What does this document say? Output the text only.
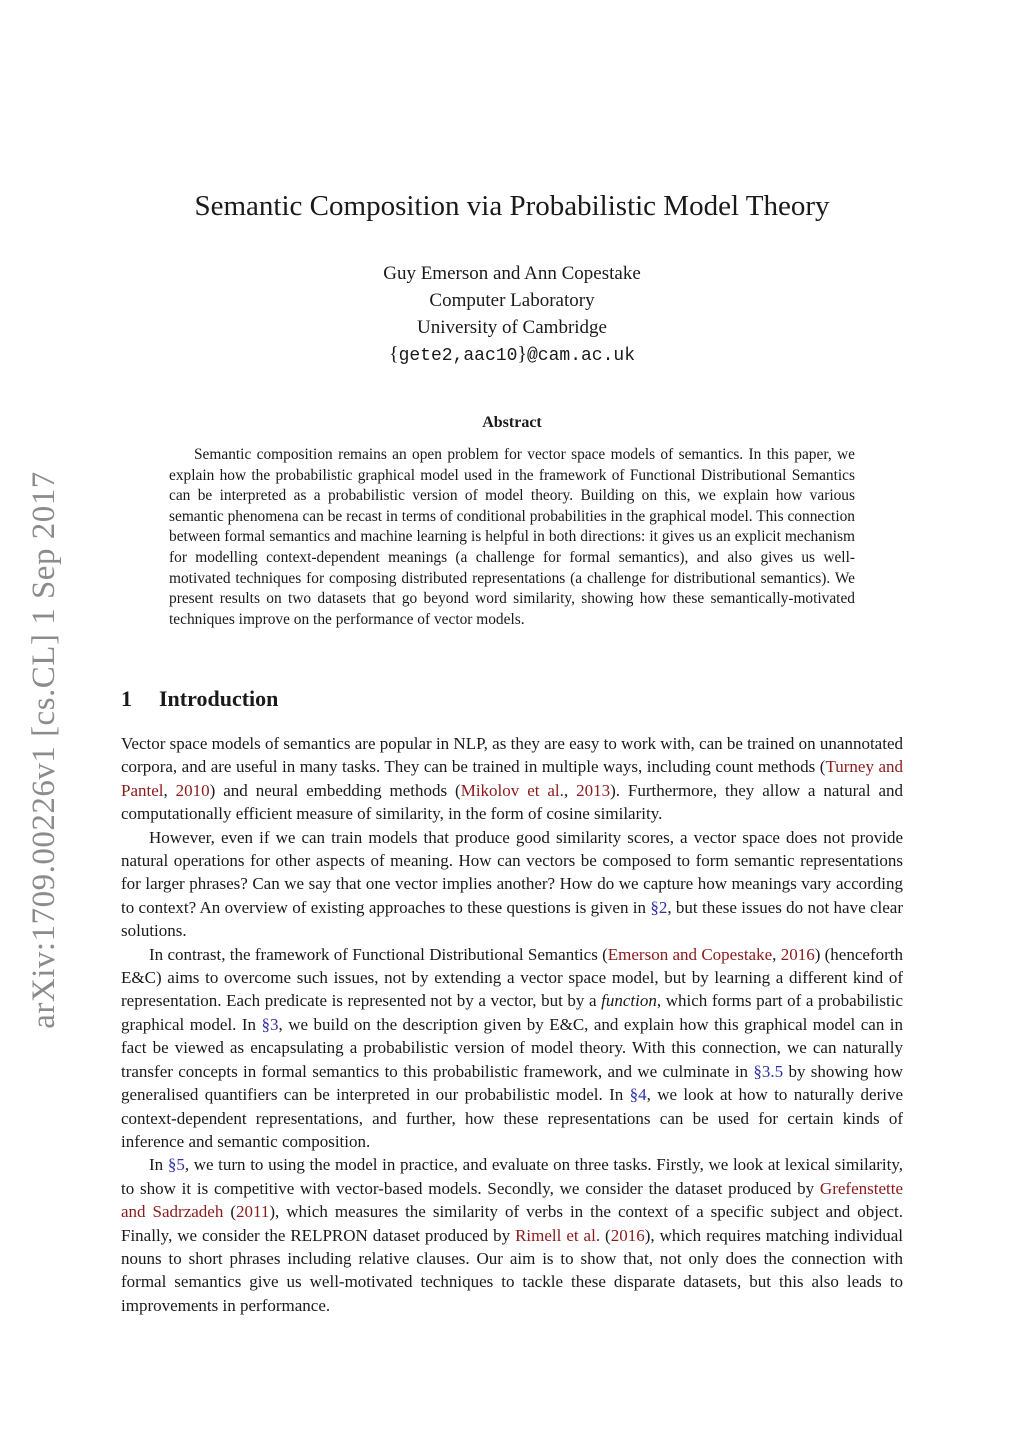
arXiv:1709.00226v1 [cs.CL] 1 Sep 2017
Semantic Composition via Probabilistic Model Theory
Guy Emerson and Ann Copestake
Computer Laboratory
University of Cambridge
{gete2,aac10}@cam.ac.uk
Abstract
Semantic composition remains an open problem for vector space models of semantics. In this paper, we explain how the probabilistic graphical model used in the framework of Functional Distributional Semantics can be interpreted as a probabilistic version of model theory. Building on this, we explain how various semantic phenomena can be recast in terms of conditional probabilities in the graphical model. This connection between formal semantics and machine learning is helpful in both directions: it gives us an explicit mechanism for modelling context-dependent meanings (a challenge for formal semantics), and also gives us well-motivated techniques for composing distributed representations (a challenge for distributional semantics). We present results on two datasets that go beyond word similarity, showing how these semantically-motivated techniques improve on the performance of vector models.
1 Introduction

Vector space models of semantics are popular in NLP, as they are easy to work with, can be trained on unannotated corpora, and are useful in many tasks. They can be trained in multiple ways, including count methods (Turney and Pantel, 2010) and neural embedding methods (Mikolov et al., 2013). Furthermore, they allow a natural and computationally efficient measure of similarity, in the form of cosine similarity.

However, even if we can train models that produce good similarity scores, a vector space does not provide natural operations for other aspects of meaning. How can vectors be composed to form semantic representations for larger phrases? Can we say that one vector implies another? How do we capture how meanings vary according to context? An overview of existing approaches to these questions is given in §2, but these issues do not have clear solutions.

In contrast, the framework of Functional Distributional Semantics (Emerson and Copestake, 2016) (henceforth E&C) aims to overcome such issues, not by extending a vector space model, but by learning a different kind of representation. Each predicate is represented not by a vector, but by a function, which forms part of a probabilistic graphical model. In §3, we build on the description given by E&C, and explain how this graphical model can in fact be viewed as encapsulating a probabilistic version of model theory. With this connection, we can naturally transfer concepts in formal semantics to this probabilistic framework, and we culminate in §3.5 by showing how generalised quantifiers can be interpreted in our probabilistic model. In §4, we look at how to naturally derive context-dependent representations, and further, how these representations can be used for certain kinds of inference and semantic composition.

In §5, we turn to using the model in practice, and evaluate on three tasks. Firstly, we look at lexical similarity, to show it is competitive with vector-based models. Secondly, we consider the dataset produced by Grefenstette and Sadrzadeh (2011), which measures the similarity of verbs in the context of a specific subject and object. Finally, we consider the RELPRON dataset produced by Rimell et al. (2016), which requires matching individual nouns to short phrases including relative clauses. Our aim is to show that, not only does the connection with formal semantics give us well-motivated techniques to tackle these disparate datasets, but this also leads to improvements in performance.
